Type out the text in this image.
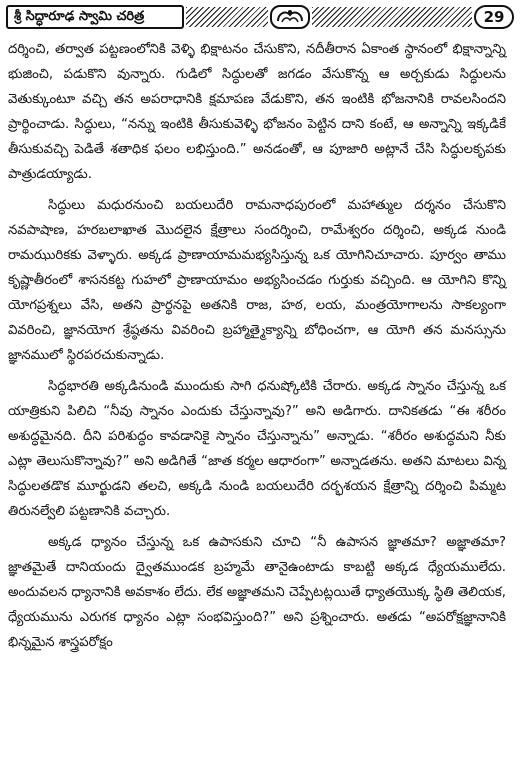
శ్రీ సిద్ధారూఢ స్వామి చరిత్ర	29

దర్శించి, తర్వాత పట్టణంలోనికి వెళ్ళి భిక్షాటనం చేసుకొని, నదీతీరాన ఏకాంత స్థానంలో భిక్షాన్నాన్ని భుజించి, పడుకొని వున్నారు. గుడిలో సిద్ధులతో జగడం వేసుకొన్న ఆ అర్చకుడు సిద్ధులను వెతుక్కుంటూ వచ్చి తన అపరాధానికి క్షమాపణ వేడుకొని, తన ఇంటికి భోజనానికి రావలసిందని ప్రార్థించాడు. సిద్ధులు, “నన్ను ఇంటికి తీసుకువెళ్ళి భోజనం పెట్టిన దాని కంటే, ఆ అన్నాన్ని ఇక్కడికే తీసుకువచ్చి పెడితే శతాధిక ఫలం లభిస్తుంది.” అనడంతో, ఆ పూజారి అట్లానే చేసి సిద్ధులకృపకు పాత్రుడయ్యాడు.

సిద్ధులు మధురనుంచి బయలుదేరి రామనాధపురంలో మహాత్ముల దర్శనం చేసుకొని నవపాషాణ, హరబలాఖాత మొదలైన క్షేత్రాలు సందర్శించి, రామేశ్వరం దర్శించి, అక్కడ నుండి రామఝురికకు వెళ్ళారు. అక్కడ ప్రాణాయామమభ్యసిస్తున్న ఒక యోగినిచూచారు. పూర్వం తాము కృష్ణాతీరంలో శాసనకట్ట గుహలో ప్రాణాయామం అభ్యసించడం గుర్తుకు వచ్చింది. ఆ యోగిని కొన్ని యోగప్రశ్నలు వేసి, అతని ప్రార్థనపై అతనికి రాజ, హఠ, లయ, మంత్రయోగాలను సాకల్యంగా వివరించి, జ్ఞానయోగ శ్రేష్ఠతను వివరించి బ్రహ్మాత్మైక్యాన్ని బోధించగా, ఆ యోగి తన మనస్సును జ్ఞానములో స్థిరపరచుకున్నాడు.

సిద్ధభారతి అక్కడినుండి ముందుకు సాగి ధనుష్కోటికి చేరారు. అక్కడ స్నానం చేస్తున్న ఒక యాత్రికుని పిలిచి “నీవు స్నానం ఎందుకు చేస్తున్నావు?” అని అడిగారు. దానికతడు “ఈ శరీరం అశుద్ధమైనది. దీని పరిశుద్ధం కావడానికై స్నానం చేస్తున్నాను” అన్నాడు. “శరీరం అశుద్ధమని నీకు ఎట్లా తెలుసుకొన్నావు?” అని అడిగితే “జాత కర్మల ఆధారంగా” అన్నాడతను. అతని మాటలు విన్న సిద్ధులతడొక మూర్ఖుడని తలచి, అక్కడి నుండి బయలుదేరి దర్భశయన క్షేత్రాన్ని దర్శించి పిమ్మట తిరునల్వేలి పట్టణానికి వచ్చారు.

అక్కడ ధ్యానం చేస్తున్న ఒక ఉపాసకుని చూచి “నీ ఉపాసన జ్ఞాతమా? అజ్ఞాతమా? జ్ఞాతమైతే దానియందు ద్వైతముండక బ్రహ్మమే తానైఉంటాడు కాబట్టి అక్కడ ధ్యేయములేదు. అందువలన ధ్యానానికి అవకాశం లేదు. లేక అజ్ఞాతమని చెప్పేటట్లయితే ధ్యాతయొక్క స్థితి తెలియక, ధ్యేయమును ఎరుగక ధ్యానం ఎట్లా సంభవిస్తుంది?” అని ప్రశ్నించారు. అతడు “అపరోక్షజ్ఞానానికి భిన్నమైన శాస్త్రపరోక్షం
